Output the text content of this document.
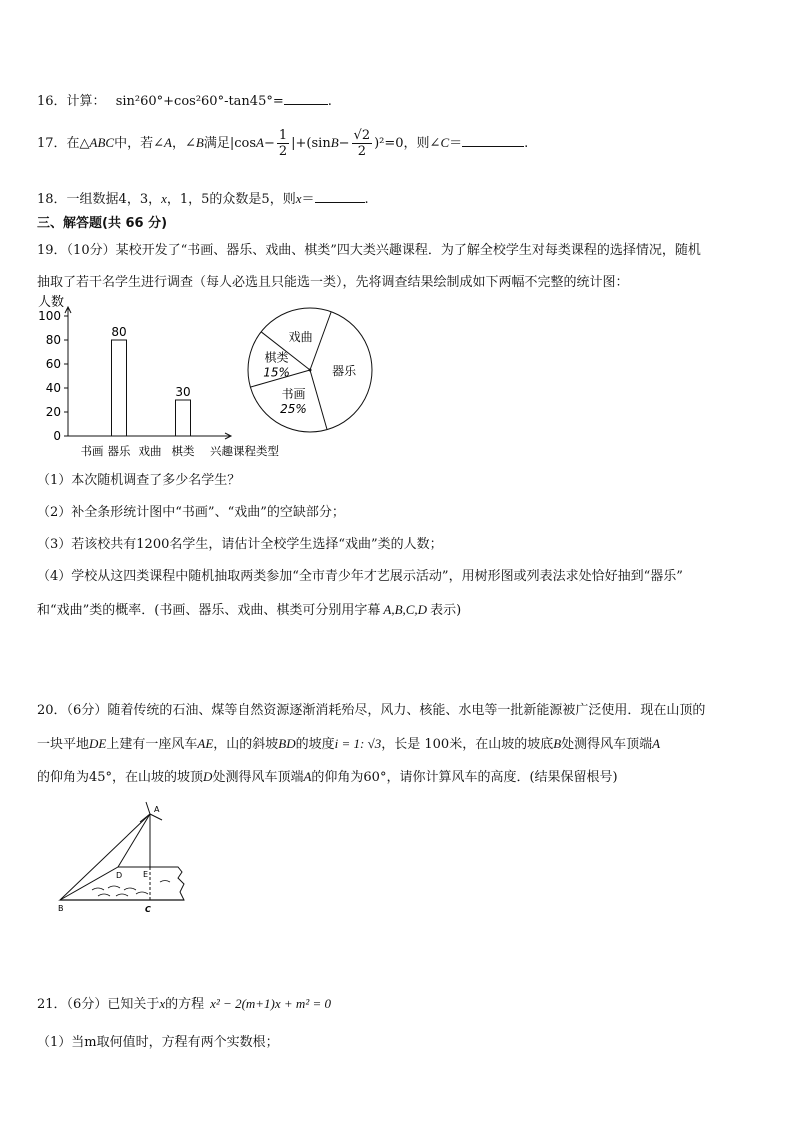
16．计算： sin²60°+cos²60°-tan45°=	.
17．在△ABC中，若∠A，∠B满足$|\cos A- \frac{1}{2} |+(\sin B- \frac{√2}{2} )^2=0$，则∠C＝	.
18．一组数据4，3，x，1，5的众数是5，则x＝	.
三、解答题(共 66 分)
19．（10分）某校开发了“书画、器乐、戏曲、棋类”四大类兴趣课程．为了解全校学生对每类课程的选择情况，随机
抽取了若干名学生进行调查（每人必选且只能选一类），先将调查结果绘制成如下两幅不完整的统计图：
人数
0
20
40
60
80
100
80
30
书画 器乐 戏曲 棋类 兴趣课程类型
器乐
书画
25%
棋类
15%
戏曲
（1）本次随机调查了多少名学生？
（2）补全条形统计图中“书画”、“戏曲”的空缺部分；
（3）若该校共有1200名学生，请估计全校学生选择“戏曲”类的人数；
（4）学校从这四类课程中随机抽取两类参加“全市青少年才艺展示活动”，用树形图或列表法求处恰好抽到“器乐”
和“戏曲”类的概率．(书画、器乐、戏曲、棋类可分别用字幕 A,B,C,D 表示)
20．（6分）随着传统的石油、煤等自然资源逐渐消耗殆尽，风力、核能、水电等一批新能源被广泛使用．现在山顶的
一块平地DE上建有一座风车AE，山的斜坡BD的坡度i = 1: √3，长是 100米，在山坡的坡底B处测得风车顶端A
的仰角为45°，在山坡的坡顶D处测得风车顶端A的仰角为60°，请你计算风车的高度．(结果保留根号)
A
B	C
D	E
21．（6分）已知关于x的方程 x² − 2(m+1)x + m² = 0
（1）当m取何值时，方程有两个实数根；
